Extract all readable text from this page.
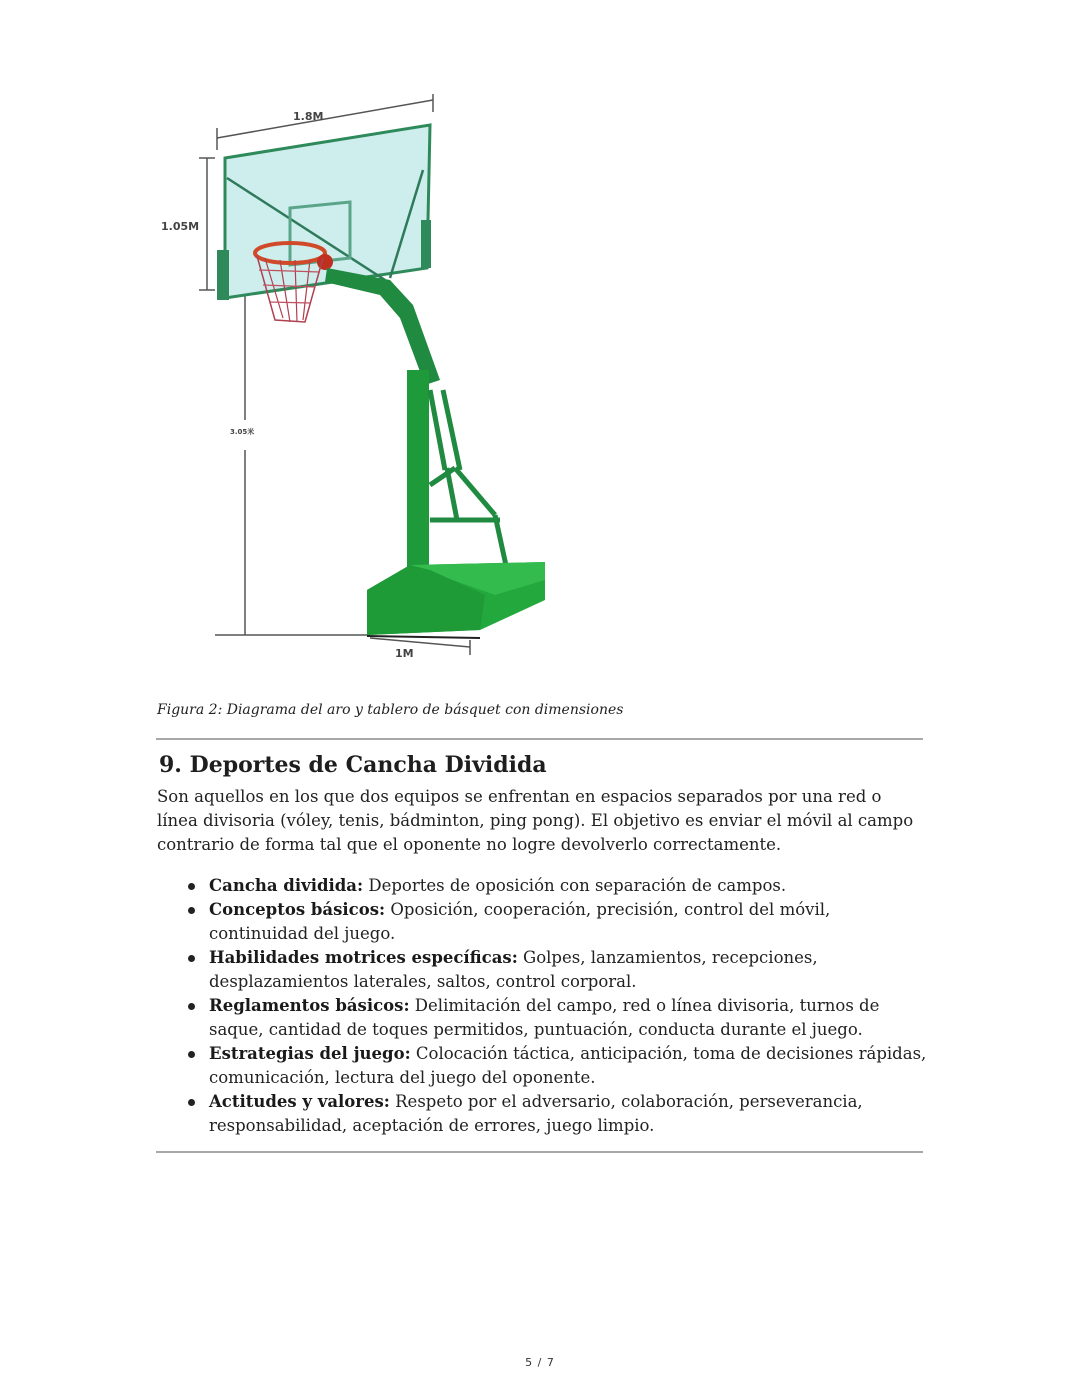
1.8M
1.05M
3.05米
1M
Figura 2: Diagrama del aro y tablero de básquet con dimensiones
9. Deportes de Cancha Dividida

Son aquellos en los que dos equipos se enfrentan en espacios separados por una red o línea divisoria (vóley, tenis, bádminton, ping pong). El objetivo es enviar el móvil al campo contrario de forma tal que el oponente no logre devolverlo correctamente.

Cancha dividida: Deportes de oposición con separación de campos.
Conceptos básicos: Oposición, cooperación, precisión, control del móvil, continuidad del juego.
Habilidades motrices específicas: Golpes, lanzamientos, recepciones, desplazamientos laterales, saltos, control corporal.
Reglamentos básicos: Delimitación del campo, red o línea divisoria, turnos de saque, cantidad de toques permitidos, puntuación, conducta durante el juego.
Estrategias del juego: Colocación táctica, anticipación, toma de decisiones rápidas, comunicación, lectura del juego del oponente.
Actitudes y valores: Respeto por el adversario, colaboración, perseverancia, responsabilidad, aceptación de errores, juego limpio.
5 / 7
